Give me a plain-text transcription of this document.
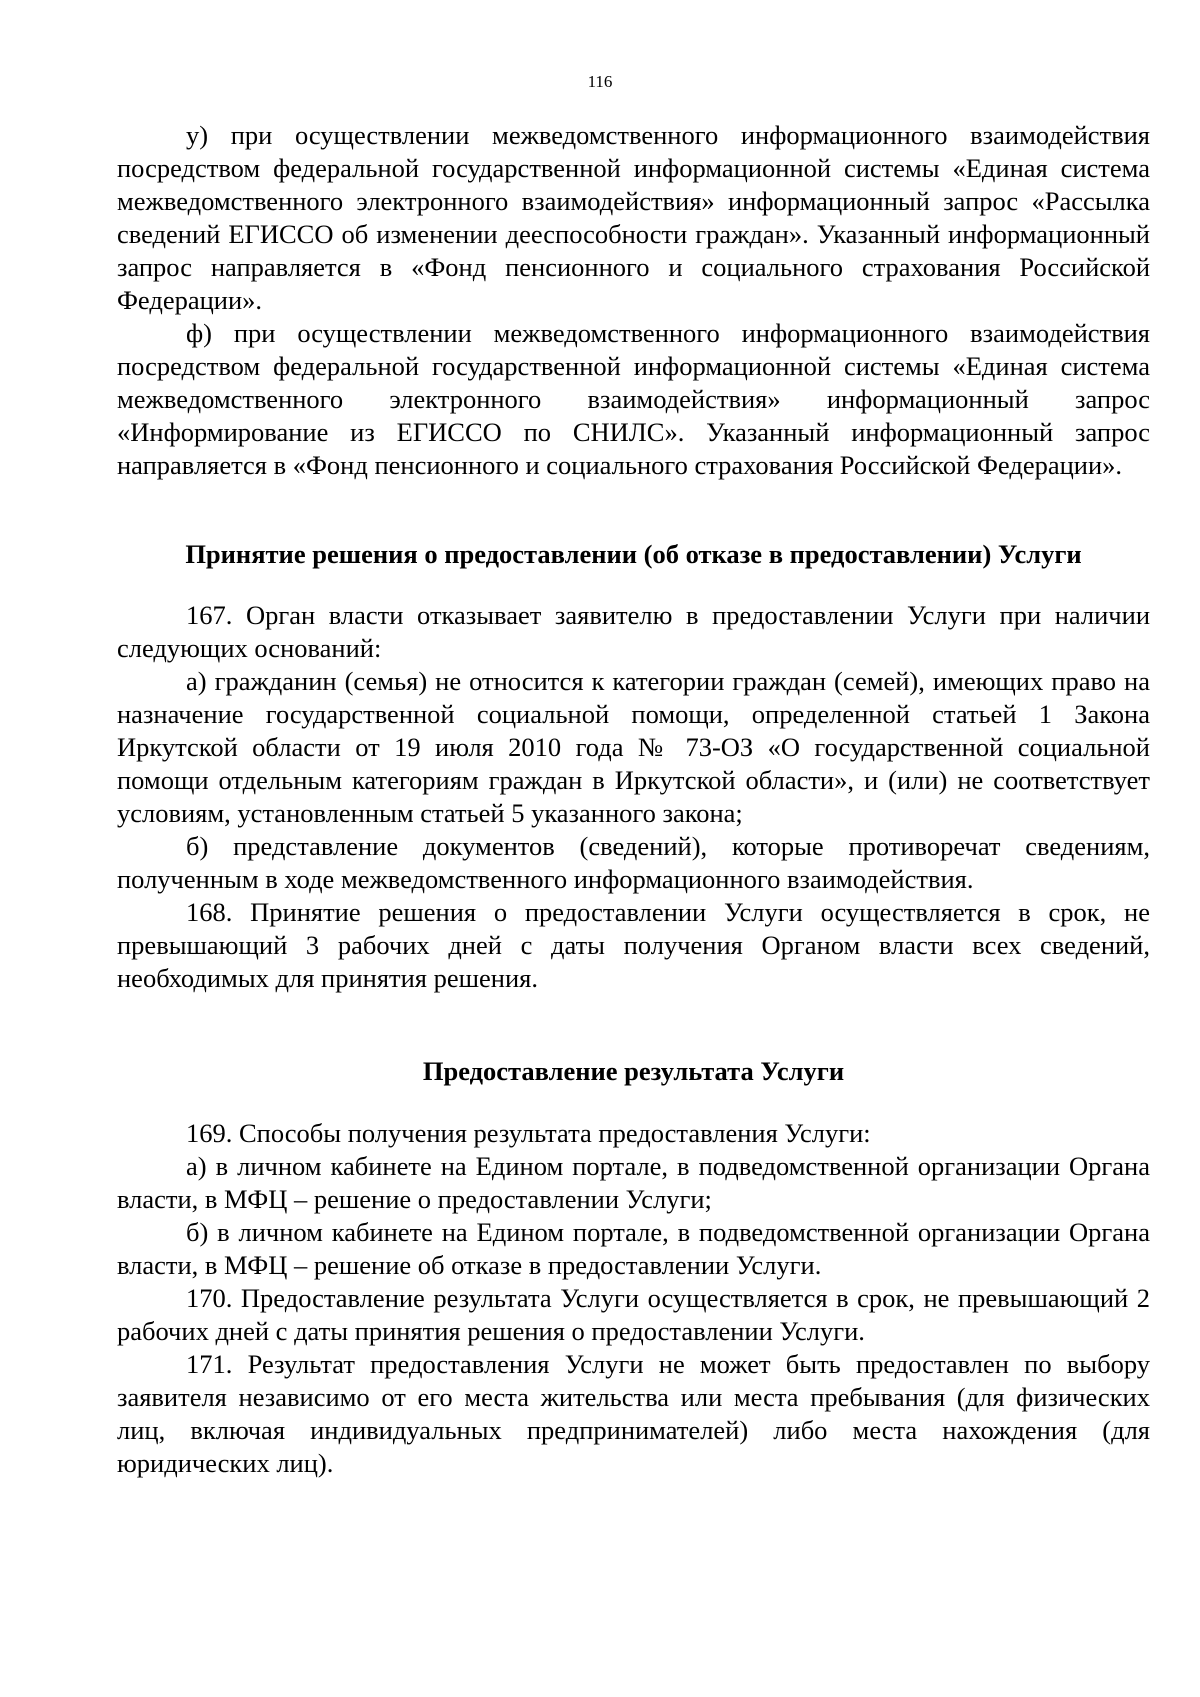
116

у) при осуществлении межведомственного информационного взаимодействия посредством федеральной государственной информационной системы «Единая система межведомственного электронного взаимодействия» информационный запрос «Рассылка сведений ЕГИССО об изменении дееспособности граждан». Указанный информационный запрос направляется в «Фонд пенсионного и социального страхования Российской Федерации».

ф) при осуществлении межведомственного информационного взаимодействия посредством федеральной государственной информационной системы «Единая система межведомственного электронного взаимодействия» информационный запрос «Информирование из ЕГИССО по СНИЛС». Указанный информационный запрос направляется в «Фонд пенсионного и социального страхования Российской Федерации».

Принятие решения о предоставлении (об отказе в предоставлении) Услуги

167. Орган власти отказывает заявителю в предоставлении Услуги при наличии следующих оснований:

а) гражданин (семья) не относится к категории граждан (семей), имеющих право на назначение государственной социальной помощи, определенной статьей 1 Закона Иркутской области от 19 июля 2010 года № 73-ОЗ «О государственной социальной помощи отдельным категориям граждан в Иркутской области», и (или) не соответствует условиям, установленным статьей 5 указанного закона;

б) представление документов (сведений), которые противоречат сведениям, полученным в ходе межведомственного информационного взаимодействия.

168. Принятие решения о предоставлении Услуги осуществляется в срок, не превышающий 3 рабочих дней с даты получения Органом власти всех сведений, необходимых для принятия решения.

Предоставление результата Услуги

169. Способы получения результата предоставления Услуги:

а) в личном кабинете на Едином портале, в подведомственной организации Органа власти, в МФЦ – решение о предоставлении Услуги;

б) в личном кабинете на Едином портале, в подведомственной организации Органа власти, в МФЦ – решение об отказе в предоставлении Услуги.

170. Предоставление результата Услуги осуществляется в срок, не превышающий 2 рабочих дней с даты принятия решения о предоставлении Услуги.

171. Результат предоставления Услуги не может быть предоставлен по выбору заявителя независимо от его места жительства или места пребывания (для физических лиц, включая индивидуальных предпринимателей) либо места нахождения (для юридических лиц).
